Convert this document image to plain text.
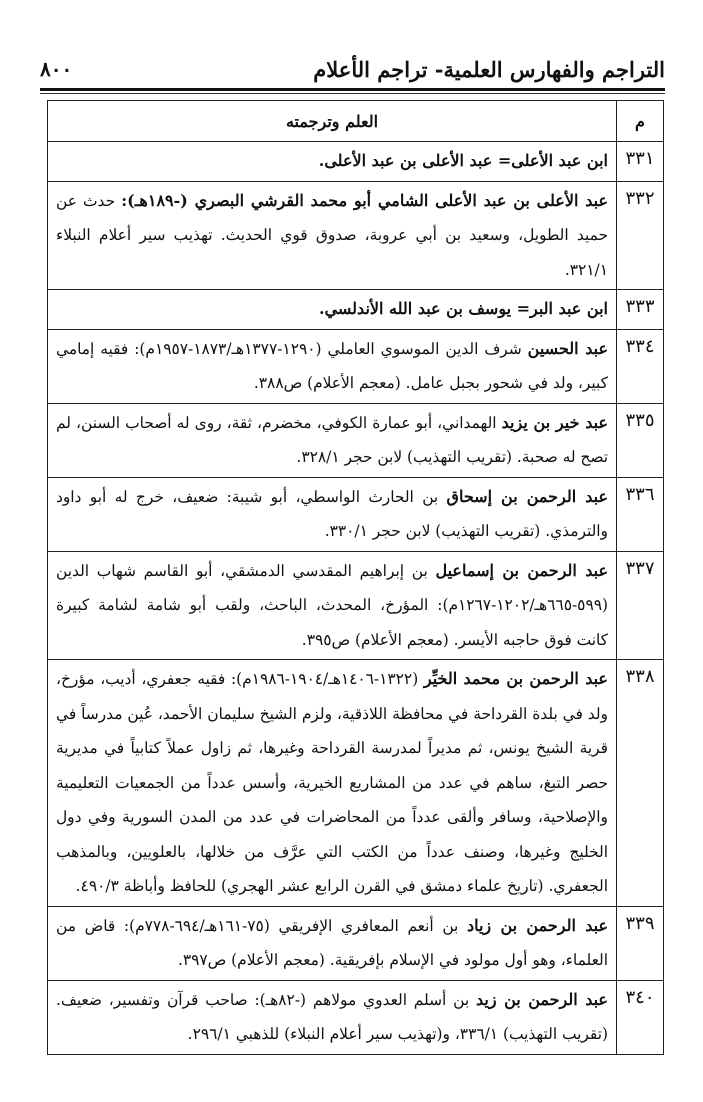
التراجم والفهارس العلمية- تراجم الأعلام
٨٠٠
م	العلم وترجمته
٣٣١	ابن عبد الأعلى= عبد الأعلى بن عبد الأعلى.
٣٣٢	عبد الأعلى بن عبد الأعلى الشامي أبو محمد القرشي البصري (-١٨٩هـ): حدث عن حميد الطويل، وسعيد بن أبي عروبة، صدوق قوي الحديث. تهذيب سير أعلام النبلاء ٣٢١/١.
٣٣٣	ابن عبد البر= يوسف بن عبد الله الأندلسي.
٣٣٤	عبد الحسين شرف الدين الموسوي العاملي (١٢٩٠-١٣٧٧هـ/١٨٧٣-١٩٥٧م): فقيه إمامي كبير، ولد في شحور بجبل عامل. (معجم الأعلام) ص٣٨٨.
٣٣٥	عبد خير بن يزيد الهمداني، أبو عمارة الكوفي، مخضرم، ثقة، روى له أصحاب السنن، لم تصح له صحبة. (تقريب التهذيب) لابن حجر ٣٢٨/١.
٣٣٦	عبد الرحمن بن إسحاق بن الحارث الواسطي، أبو شيبة: ضعيف، خرج له أبو داود والترمذي. (تقريب التهذيب) لابن حجر ٣٣٠/١.
٣٣٧	عبد الرحمن بن إسماعيل بن إبراهيم المقدسي الدمشقي، أبو القاسم شهاب الدين (٥٩٩-٦٦٥هـ/١٢٠٢-١٢٦٧م): المؤرخ، المحدث، الباحث، ولقب أبو شامة لشامة كبيرة كانت فوق حاجبه الأيسر. (معجم الأعلام) ص٣٩٥.
٣٣٨	عبد الرحمن بن محمد الخيِّر (١٣٢٢-١٤٠٦هـ/١٩٠٤-١٩٨٦م): فقيه جعفري، أديب، مؤرخ، ولد في بلدة القرداحة في محافظة اللاذقية، ولزم الشيخ سليمان الأحمد، عُين مدرساً في قرية الشيخ يونس، ثم مديراً لمدرسة القرداحة وغيرها، ثم زاول عملاً كتابياً في مديرية حصر التبغ، ساهم في عدد من المشاريع الخيرية، وأسس عدداً من الجمعيات التعليمية والإصلاحية، وسافر وألقى عدداً من المحاضرات في عدد من المدن السورية وفي دول الخليج وغيرها، وصنف عدداً من الكتب التي عرَّف من خلالها، بالعلويين، وبالمذهب الجعفري. (تاريخ علماء دمشق في القرن الرابع عشر الهجري) للحافظ وأباظة ٤٩٠/٣.
٣٣٩	عبد الرحمن بن زياد بن أنعم المعافري الإفريقي (٧٥-١٦١هـ/٦٩٤-٧٧٨م): قاض من العلماء، وهو أول مولود في الإسلام بإفريقية. (معجم الأعلام) ص٣٩٧.
٣٤٠	عبد الرحمن بن زيد بن أسلم العدوي مولاهم (-٨٢هـ): صاحب قرآن وتفسير، ضعيف. (تقريب التهذيب) ٣٣٦/١، و(تهذيب سير أعلام النبلاء) للذهبي ٢٩٦/١.
